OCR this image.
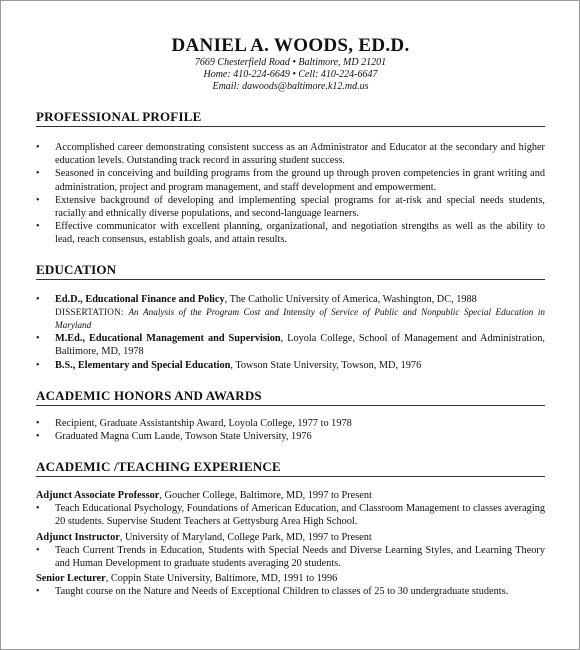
DANIEL A. WOODS, ED.D.
7669 Chesterfield Road • Baltimore, MD 21201
Home: 410-224-6649 • Cell: 410-224-6647
Email: dawoods@baltimore.k12.md.us
PROFESSIONAL PROFILE
•	Accomplished career demonstrating consistent success as an Administrator and Educator at the secondary and higher education levels. Outstanding track record in assuring student success.
•	Seasoned in conceiving and building programs from the ground up through proven competencies in grant writing and administration, project and program management, and staff development and empowerment.
•	Extensive background of developing and implementing special programs for at-risk and special needs students, racially and ethnically diverse populations, and second-language learners.
•	Effective communicator with excellent planning, organizational, and negotiation strengths as well as the ability to lead, reach consensus, establish goals, and attain results.
EDUCATION
•	Ed.D., Educational Finance and Policy, The Catholic University of America, Washington, DC, 1988
DISSERTATION: An Analysis of the Program Cost and Intensity of Service of Public and Nonpublic Special Education in Maryland
•	M.Ed., Educational Management and Supervision, Loyola College, School of Management and Administration, Baltimore, MD, 1978
•	B.S., Elementary and Special Education, Towson State University, Towson, MD, 1976
ACADEMIC HONORS AND AWARDS
•	Recipient, Graduate Assistantship Award, Loyola College, 1977 to 1978
•	Graduated Magna Cum Laude, Towson State University, 1976
ACADEMIC /TEACHING EXPERIENCE
Adjunct Associate Professor, Goucher College, Baltimore, MD, 1997 to Present
•	Teach Educational Psychology, Foundations of American Education, and Classroom Management to classes averaging 20 students. Supervise Student Teachers at Gettysburg Area High School.
Adjunct Instructor, University of Maryland, College Park, MD, 1997 to Present
•	Teach Current Trends in Education, Students with Special Needs and Diverse Learning Styles, and Learning Theory and Human Development to graduate students averaging 20 students.
Senior Lecturer, Coppin State University, Baltimore, MD, 1991 to 1996
•	Taught course on the Nature and Needs of Exceptional Children to classes of 25 to 30 undergraduate students.
